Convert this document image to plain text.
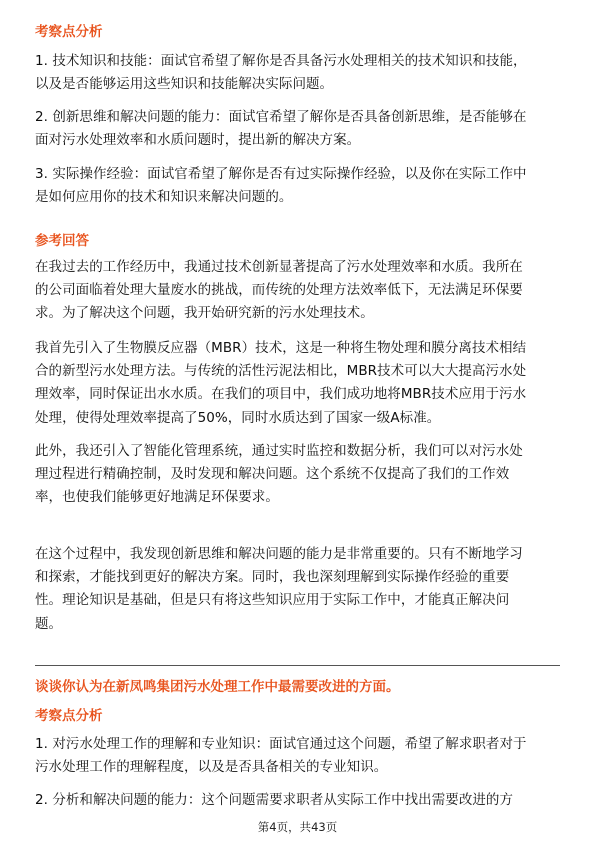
考察点分析
1. 技术知识和技能：面试官希望了解你是否具备污水处理相关的技术知识和技能，
以及是否能够运用这些知识和技能解决实际问题。
2. 创新思维和解决问题的能力：面试官希望了解你是否具备创新思维，是否能够在
面对污水处理效率和水质问题时，提出新的解决方案。
3. 实际操作经验：面试官希望了解你是否有过实际操作经验，以及你在实际工作中
是如何应用你的技术和知识来解决问题的。
参考回答
在我过去的工作经历中，我通过技术创新显著提高了污水处理效率和水质。我所在
的公司面临着处理大量废水的挑战，而传统的处理方法效率低下，无法满足环保要
求。为了解决这个问题，我开始研究新的污水处理技术。
我首先引入了生物膜反应器（MBR）技术，这是一种将生物处理和膜分离技术相结
合的新型污水处理方法。与传统的活性污泥法相比，MBR技术可以大大提高污水处
理效率，同时保证出水水质。在我们的项目中，我们成功地将MBR技术应用于污水
处理，使得处理效率提高了50%，同时水质达到了国家一级A标准。
此外，我还引入了智能化管理系统，通过实时监控和数据分析，我们可以对污水处
理过程进行精确控制，及时发现和解决问题。这个系统不仅提高了我们的工作效
率，也使我们能够更好地满足环保要求。
在这个过程中，我发现创新思维和解决问题的能力是非常重要的。只有不断地学习
和探索，才能找到更好的解决方案。同时，我也深刻理解到实际操作经验的重要
性。理论知识是基础，但是只有将这些知识应用于实际工作中，才能真正解决问
题。
谈谈你认为在新凤鸣集团污水处理工作中最需要改进的方面。
考察点分析
1. 对污水处理工作的理解和专业知识：面试官通过这个问题，希望了解求职者对于
污水处理工作的理解程度，以及是否具备相关的专业知识。
2. 分析和解决问题的能力：这个问题需要求职者从实际工作中找出需要改进的方
第4页，共43页
